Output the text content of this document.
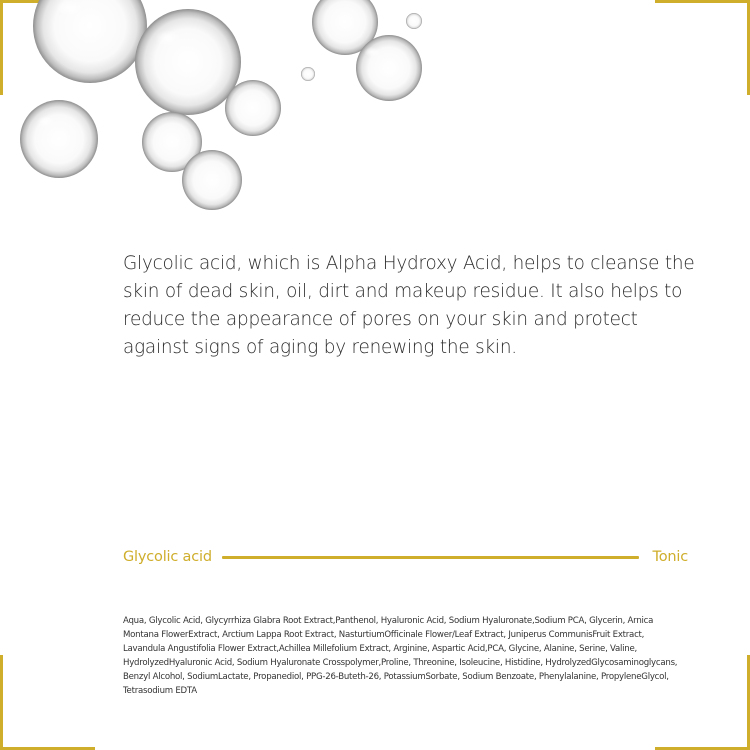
Glycolic acid, which is Alpha Hydroxy Acid, helps to cleanse the skin of dead skin, oil, dirt and makeup residue. It also helps to reduce the appearance of pores on your skin and protect against signs of aging by renewing the skin.

Glycolic acid	Tonic

Aqua, Glycolic Acid, Glycyrrhiza Glabra Root Extract,Panthenol, Hyaluronic Acid, Sodium Hyaluronate,Sodium PCA, Glycerin, Arnica Montana FlowerExtract, Arctium Lappa Root Extract, NasturtiumOfficinale Flower/Leaf Extract, Juniperus CommunisFruit Extract, Lavandula Angustifolia Flower Extract,Achillea Millefolium Extract, Arginine, Aspartic Acid,PCA, Glycine, Alanine, Serine, Valine, HydrolyzedHyaluronic Acid, Sodium Hyaluronate Crosspolymer,Proline, Threonine, Isoleucine, Histidine, HydrolyzedGlycosaminoglycans, Benzyl Alcohol, SodiumLactate, Propanediol, PPG-26-Buteth-26, PotassiumSorbate, Sodium Benzoate, Phenylalanine, PropyleneGlycol, Tetrasodium EDTA
